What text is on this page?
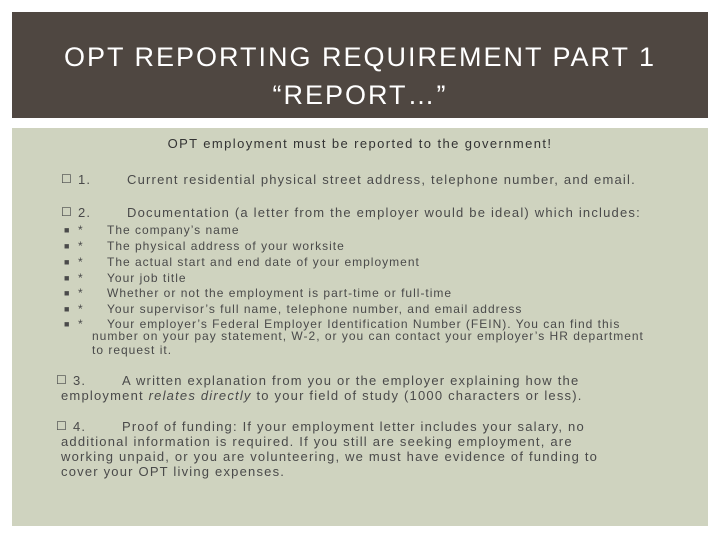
OPT REPORTING REQUIREMENT PART 1
“REPORT…”
OPT employment must be reported to the government!
☐ 1.	Current residential physical street address, telephone number, and email.
☐ 2.	Documentation (a letter from the employer would be ideal) which includes:
■ * The company’s name
■ * The physical address of your worksite
■ * The actual start and end date of your employment
■ * Your job title
■ * Whether or not the employment is part-time or full-time
■ * Your supervisor’s full name, telephone number, and email address
■ * Your employer’s Federal Employer Identification Number (FEIN). You can find this
number on your pay statement, W-2, or you can contact your employer’s HR department
to request it.
☐ 3.	A written explanation from you or the employer explaining how the
employment relates directly to your field of study (1000 characters or less).
☐ 4.	Proof of funding: If your employment letter includes your salary, no
additional information is required. If you still are seeking employment, are
working unpaid, or you are volunteering, we must have evidence of funding to
cover your OPT living expenses.
